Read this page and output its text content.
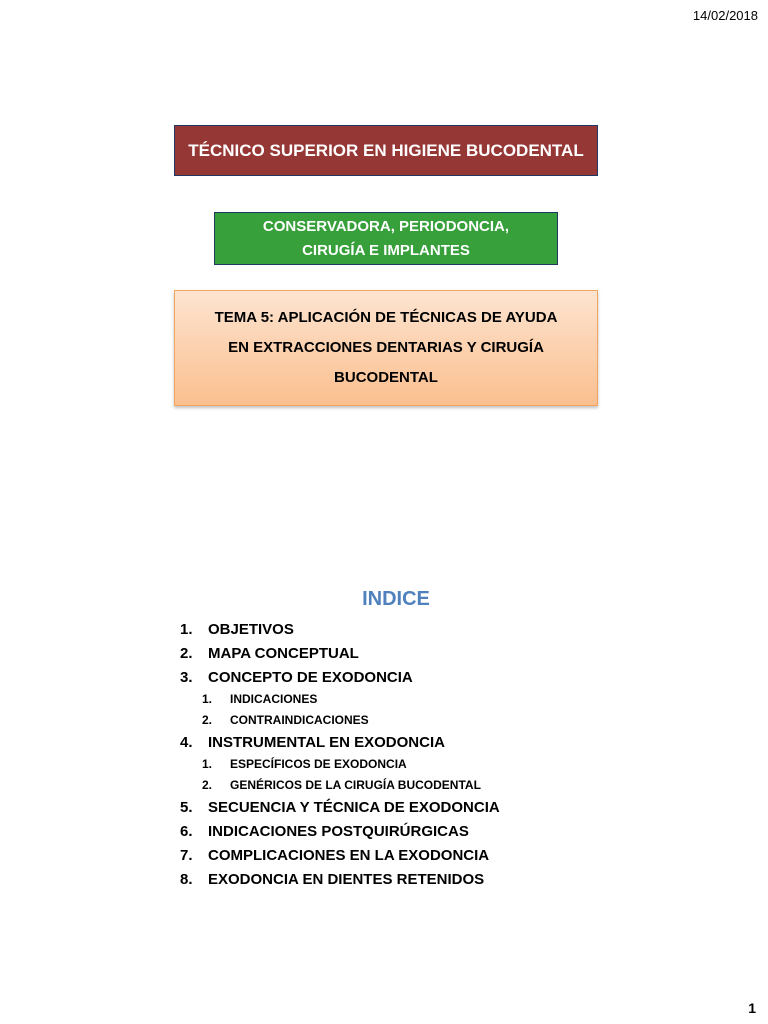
14/02/2018
TÉCNICO SUPERIOR EN HIGIENE BUCODENTAL
CONSERVADORA, PERIODONCIA,
CIRUGÍA E IMPLANTES
TEMA 5: APLICACIÓN DE TÉCNICAS DE AYUDA
EN EXTRACCIONES DENTARIAS Y CIRUGÍA
BUCODENTAL
INDICE
1.	OBJETIVOS
2.	MAPA CONCEPTUAL
3.	CONCEPTO DE EXODONCIA
1.	INDICACIONES
2.	CONTRAINDICACIONES
4.	INSTRUMENTAL EN EXODONCIA
1.	ESPECÍFICOS DE EXODONCIA
2.	GENÉRICOS DE LA CIRUGÍA BUCODENTAL
5.	SECUENCIA Y TÉCNICA DE EXODONCIA
6.	INDICACIONES POSTQUIRÚRGICAS
7.	COMPLICACIONES EN LA EXODONCIA
8.	EXODONCIA EN DIENTES RETENIDOS
1
